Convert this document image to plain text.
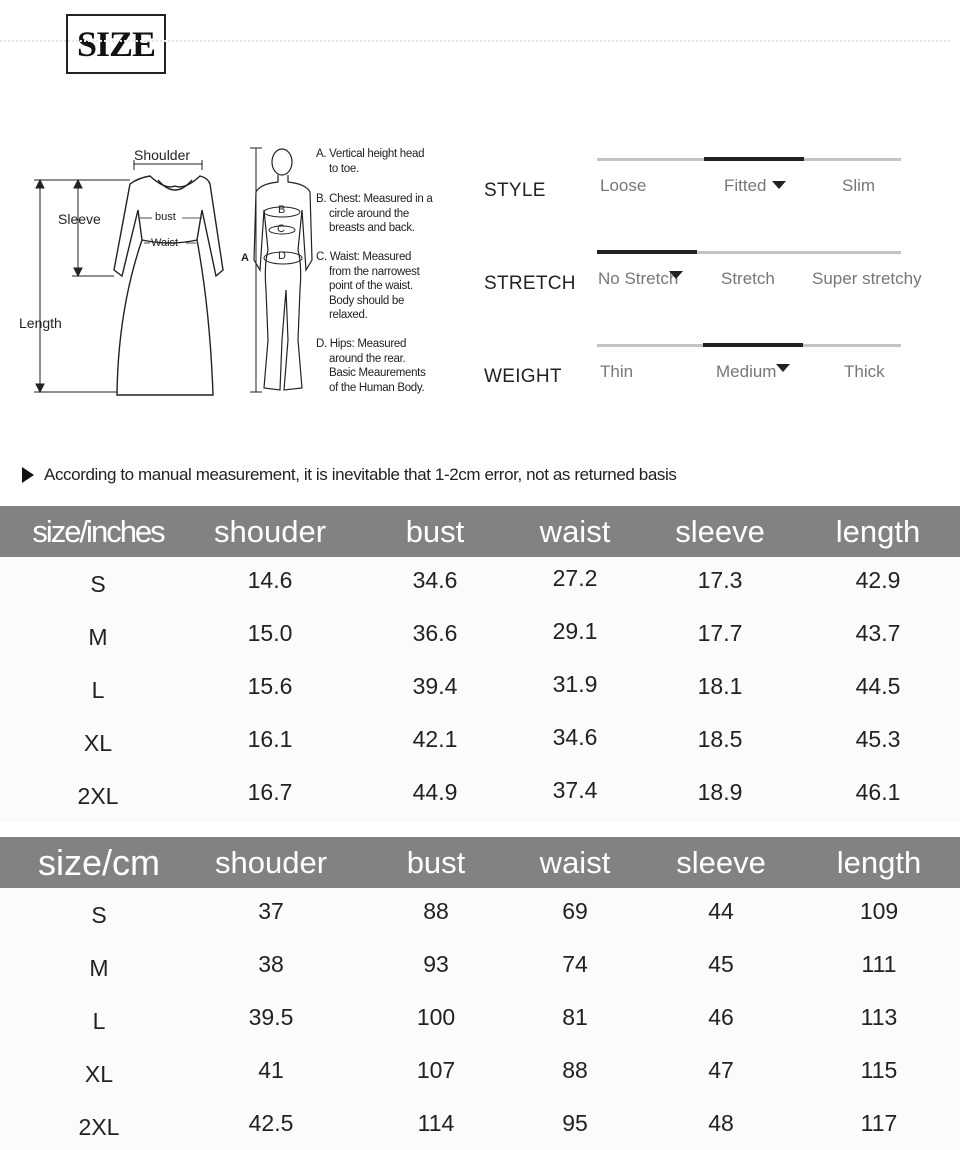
SIZE
Shoulder
Sleeve
Length
bust
Waist
A
B
C
D
A. Vertical height head
to toe.
B. Chest: Measured in a
circle around the
breasts and back.
C. Waist: Measured
from the narrowest
point of the waist.
Body should be
relaxed.
D. Hips: Measured
around the rear.
Basic Meaurements
of the Human Body.
STYLE	Loose	Fitted	Slim
STRETCH No Stretch	Stretch Super stretchy
WEIGHT Thin	Medium	Thick
According to manual measurement, it is inevitable that 1-2cm error, not as returned basis
size/inches shouder	bust waist sleeve length
S	14.6	34.6	27.2	17.3	42.9
M	15.0	36.6	29.1	17.7	43.7
L	15.6	39.4	31.9	18.1	44.5
XL	16.1	42.1	34.6	18.5	45.3
2XL	16.7	44.9	37.4	18.9	46.1
size/cm shouder	bust waist sleeve length
S	37	88	69	44	109
M	38	93	74	45	111
L	39.5	100	81	46	113
XL	41	107	88	47	115
2XL	42.5	114	95	48	117
